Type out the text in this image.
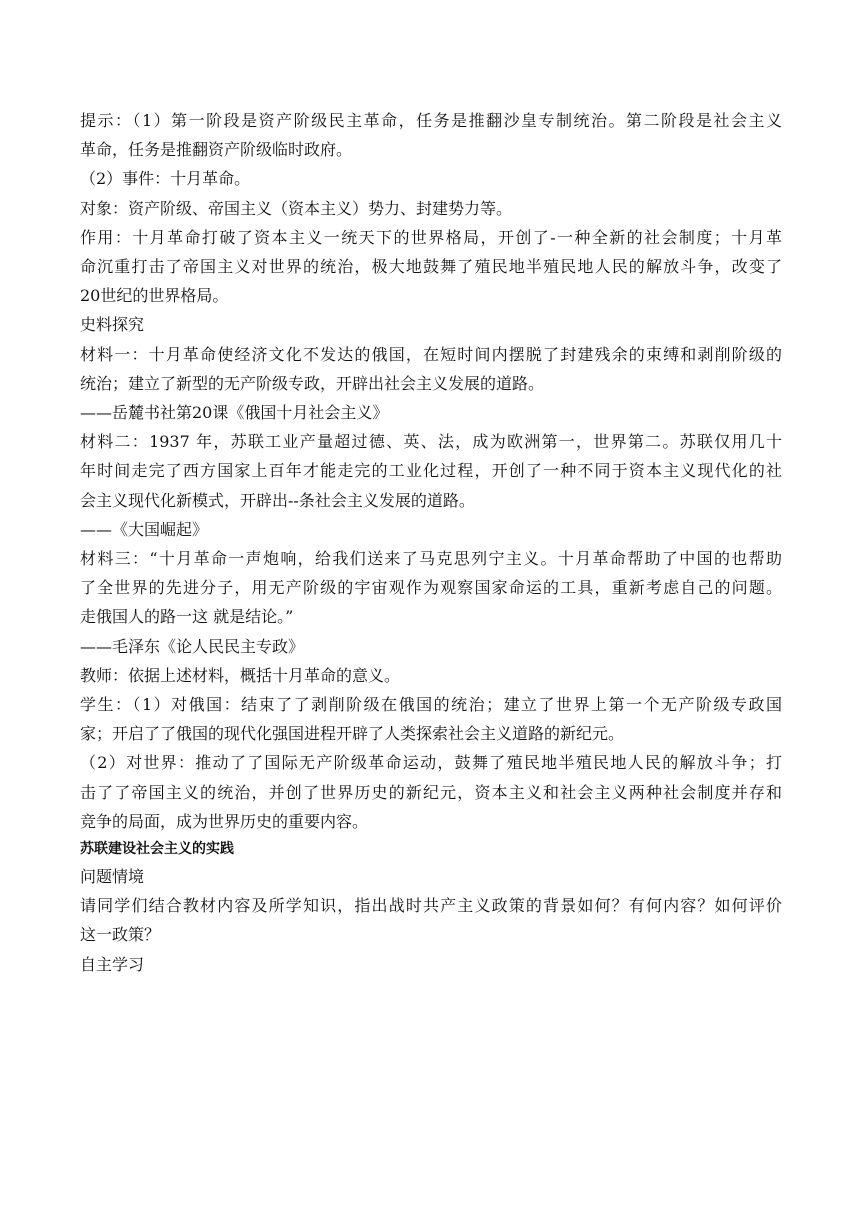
提示：（1）第一阶段是资产阶级民主革命，任务是推翻沙皇专制统治。第二阶段是社会主义

革命，任务是推翻资产阶级临时政府。

（2）事件：十月革命。

对象：资产阶级、帝国主义（资本主义）势力、封建势力等。

作用：十月革命打破了资本主义一统天下的世界格局，开创了-一种全新的社会制度；十月革

命沉重打击了帝国主义对世界的统治，极大地鼓舞了殖民地半殖民地人民的解放斗争，改变了

20世纪的世界格局。

史料探究

材料一：十月革命使经济文化不发达的俄国，在短时间内摆脱了封建残余的束缚和剥削阶级的

统治；建立了新型的无产阶级专政，开辟出社会主义发展的道路。

——岳麓书社第20课《俄国十月社会主义》

材料二：1937 年，苏联工业产量超过德、英、法，成为欧洲第一，世界第二。苏联仅用几十

年时间走完了西方国家上百年才能走完的工业化过程，开创了一种不同于资本主义现代化的社

会主义现代化新模式，开辟出--条社会主义发展的道路。

——《大国崛起》

材料三：“十月革命一声炮响，给我们送来了马克思列宁主义。十月革命帮助了中国的也帮助

了全世界的先进分子，用无产阶级的宇宙观作为观察国家命运的工具，重新考虑自己的问题。

走俄国人的路一这 就是结论。”

——毛泽东《论人民民主专政》

教师：依据上述材料，概括十月革命的意义。

学生：（1）对俄国：结束了了剥削阶级在俄国的统治；建立了世界上第一个无产阶级专政国

家；开启了了俄国的现代化强国进程开辟了人类探索社会主义道路的新纪元。

（2）对世界：推动了了国际无产阶级革命运动，鼓舞了殖民地半殖民地人民的解放斗争；打

击了了帝国主义的统治，并创了世界历史的新纪元，资本主义和社会主义两种社会制度并存和

竞争的局面，成为世界历史的重要内容。

苏联建设社会主义的实践

问题情境

请同学们结合教材内容及所学知识，指出战时共产主义政策的背景如何？有何内容？如何评价

这一政策？

自主学习
